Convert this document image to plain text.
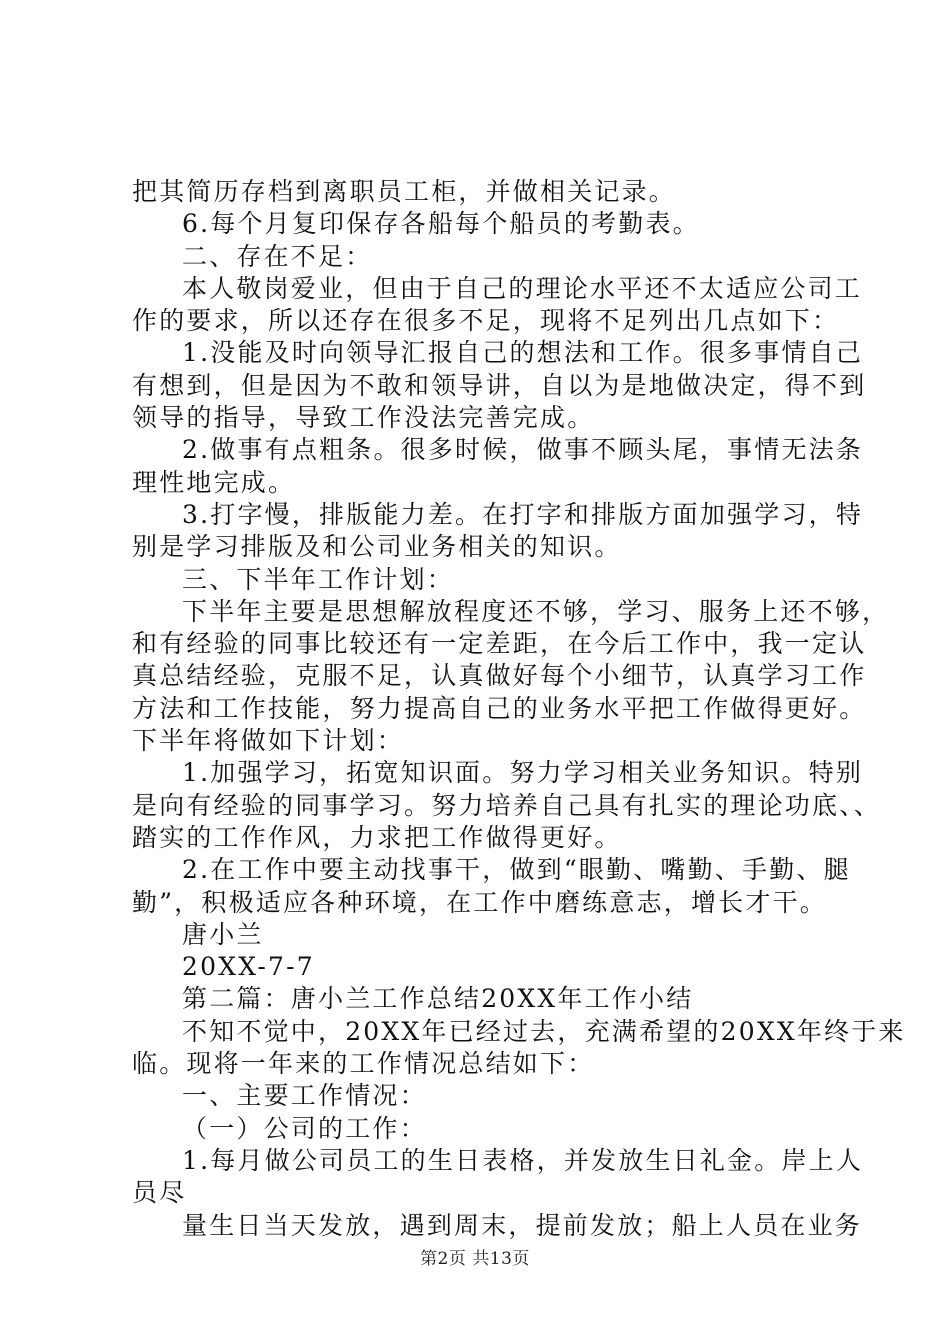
把其简历存档到离职员工柜，并做相关记录。
6.每个月复印保存各船每个船员的考勤表。
二、存在不足：
本人敬岗爱业，但由于自己的理论水平还不太适应公司工
作的要求，所以还存在很多不足，现将不足列出几点如下：
1.没能及时向领导汇报自己的想法和工作。很多事情自己
有想到，但是因为不敢和领导讲，自以为是地做决定，得不到
领导的指导，导致工作没法完善完成。
2.做事有点粗条。很多时候，做事不顾头尾，事情无法条
理性地完成。
3.打字慢，排版能力差。在打字和排版方面加强学习，特
别是学习排版及和公司业务相关的知识。
三、下半年工作计划：
下半年主要是思想解放程度还不够，学习、服务上还不够，
和有经验的同事比较还有一定差距，在今后工作中，我一定认
真总结经验，克服不足，认真做好每个小细节，认真学习工作
方法和工作技能，努力提高自己的业务水平把工作做得更好。
下半年将做如下计划：
1.加强学习，拓宽知识面。努力学习相关业务知识。特别
是向有经验的同事学习。努力培养自己具有扎实的理论功底、、
踏实的工作作风，力求把工作做得更好。
2.在工作中要主动找事干，做到“眼勤、嘴勤、手勤、腿
勤”，积极适应各种环境，在工作中磨练意志，增长才干。
唐小兰
20XX-7-7
第二篇：唐小兰工作总结20XX年工作小结
不知不觉中，20XX年已经过去，充满希望的20XX年终于来
临。现将一年来的工作情况总结如下：
一、主要工作情况：
（一）公司的工作：
1.每月做公司员工的生日表格，并发放生日礼金。岸上人
员尽
量生日当天发放，遇到周末，提前发放；船上人员在业务
第2页 共13页
